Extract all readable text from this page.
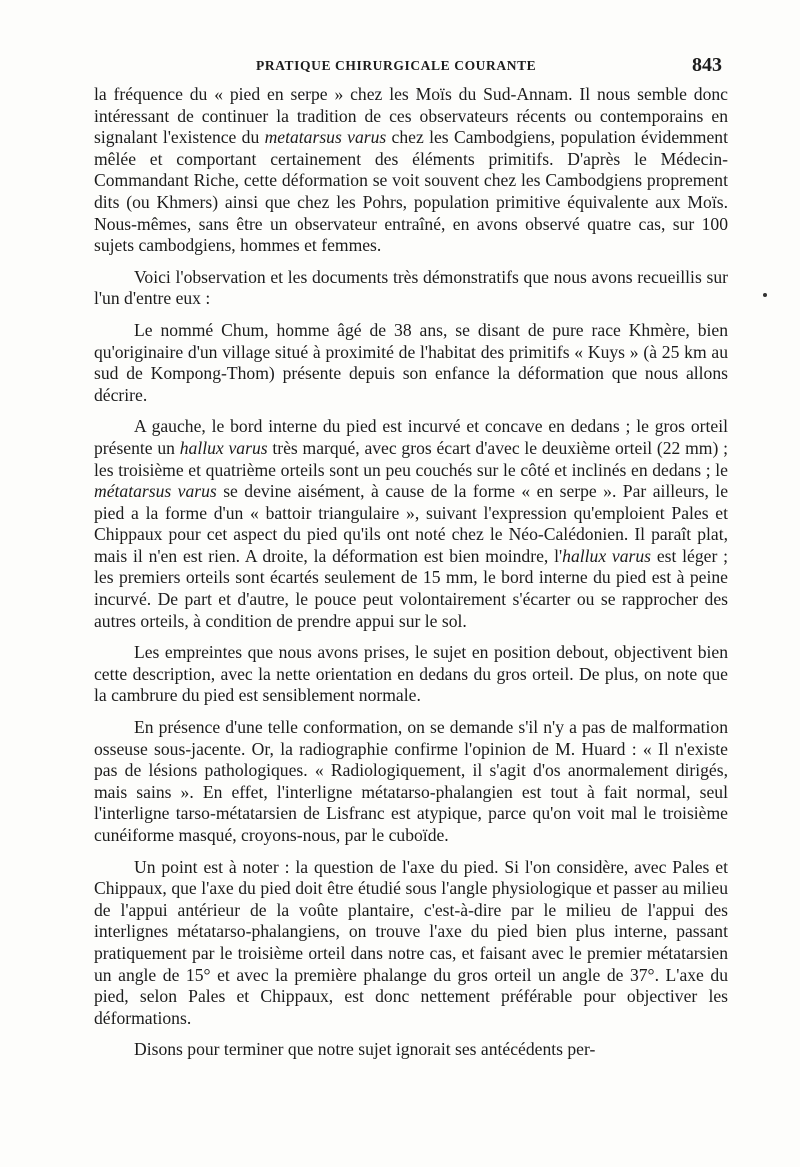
PRATIQUE CHIRURGICALE COURANTE	843

la fréquence du « pied en serpe » chez les Moïs du Sud-Annam. Il nous semble donc intéressant de continuer la tradition de ces observateurs récents ou contemporains en signalant l'existence du metatarsus varus chez les Cambodgiens, population évidemment mêlée et comportant certainement des éléments primitifs. D'après le Médecin-Commandant Riche, cette déformation se voit souvent chez les Cambodgiens proprement dits (ou Khmers) ainsi que chez les Pohrs, population primitive équivalente aux Moïs. Nous-mêmes, sans être un observateur entraîné, en avons observé quatre cas, sur 100 sujets cambodgiens, hommes et femmes.

Voici l'observation et les documents très démonstratifs que nous avons recueillis sur l'un d'entre eux :

Le nommé Chum, homme âgé de 38 ans, se disant de pure race Khmère, bien qu'originaire d'un village situé à proximité de l'habitat des primitifs « Kuys » (à 25 km au sud de Kompong-Thom) présente depuis son enfance la déformation que nous allons décrire.

A gauche, le bord interne du pied est incurvé et concave en dedans ; le gros orteil présente un hallux varus très marqué, avec gros écart d'avec le deuxième orteil (22 mm) ; les troisième et quatrième orteils sont un peu couchés sur le côté et inclinés en dedans ; le métatarsus varus se devine aisément, à cause de la forme « en serpe ». Par ailleurs, le pied a la forme d'un « battoir triangulaire », suivant l'expression qu'emploient Pales et Chippaux pour cet aspect du pied qu'ils ont noté chez le Néo-Calédonien. Il paraît plat, mais il n'en est rien. A droite, la déformation est bien moindre, l'hallux varus est léger ; les premiers orteils sont écartés seulement de 15 mm, le bord interne du pied est à peine incurvé. De part et d'autre, le pouce peut volontairement s'écarter ou se rapprocher des autres orteils, à condition de prendre appui sur le sol.

Les empreintes que nous avons prises, le sujet en position debout, objectivent bien cette description, avec la nette orientation en dedans du gros orteil. De plus, on note que la cambrure du pied est sensiblement normale.

En présence d'une telle conformation, on se demande s'il n'y a pas de malformation osseuse sous-jacente. Or, la radiographie confirme l'opinion de M. Huard : « Il n'existe pas de lésions pathologiques. « Radiologiquement, il s'agit d'os anormalement dirigés, mais sains ». En effet, l'interligne métatarso-phalangien est tout à fait normal, seul l'interligne tarso-métatarsien de Lisfranc est atypique, parce qu'on voit mal le troisième cunéiforme masqué, croyons-nous, par le cuboïde.

Un point est à noter : la question de l'axe du pied. Si l'on considère, avec Pales et Chippaux, que l'axe du pied doit être étudié sous l'angle physiologique et passer au milieu de l'appui antérieur de la voûte plantaire, c'est-à-dire par le milieu de l'appui des interlignes métatarso-phalangiens, on trouve l'axe du pied bien plus interne, passant pratiquement par le troisième orteil dans notre cas, et faisant avec le premier métatarsien un angle de 15° et avec la première phalange du gros orteil un angle de 37°. L'axe du pied, selon Pales et Chippaux, est donc nettement préférable pour objectiver les déformations.

Disons pour terminer que notre sujet ignorait ses antécédents per-
